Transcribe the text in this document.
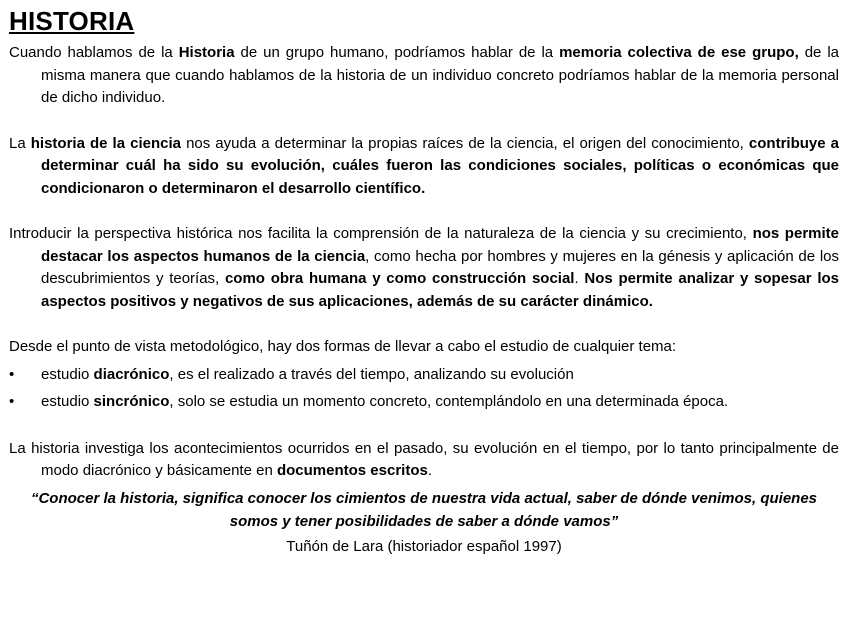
HISTORIA

Cuando hablamos de la Historia de un grupo humano, podríamos hablar de la memoria colectiva de ese grupo, de la misma manera que cuando hablamos de la historia de un individuo concreto podríamos hablar de la memoria personal de dicho individuo.

La historia de la ciencia nos ayuda a determinar la propias raíces de la ciencia, el origen del conocimiento, contribuye a determinar cuál ha sido su evolución, cuáles fueron las condiciones sociales, políticas o económicas que condicionaron o determinaron el desarrollo científico.

Introducir la perspectiva histórica nos facilita la comprensión de la naturaleza de la ciencia y su crecimiento, nos permite destacar los aspectos humanos de la ciencia, como hecha por hombres y mujeres en la génesis y aplicación de los descubrimientos y teorías, como obra humana y como construcción social. Nos permite analizar y sopesar los aspectos positivos y negativos de sus aplicaciones, además de su carácter dinámico.

Desde el punto de vista metodológico, hay dos formas de llevar a cabo el estudio de cualquier tema:

• estudio diacrónico, es el realizado a través del tiempo, analizando su evolución
• estudio sincrónico, solo se estudia un momento concreto, contemplándolo en una determinada época.

La historia investiga los acontecimientos ocurridos en el pasado, su evolución en el tiempo, por lo tanto principalmente de modo diacrónico y básicamente en documentos escritos.

“Conocer la historia, significa conocer los cimientos de nuestra vida actual, saber de dónde venimos, quienes somos y tener posibilidades de saber a dónde vamos”

Tuñón de Lara (historiador español 1997)
